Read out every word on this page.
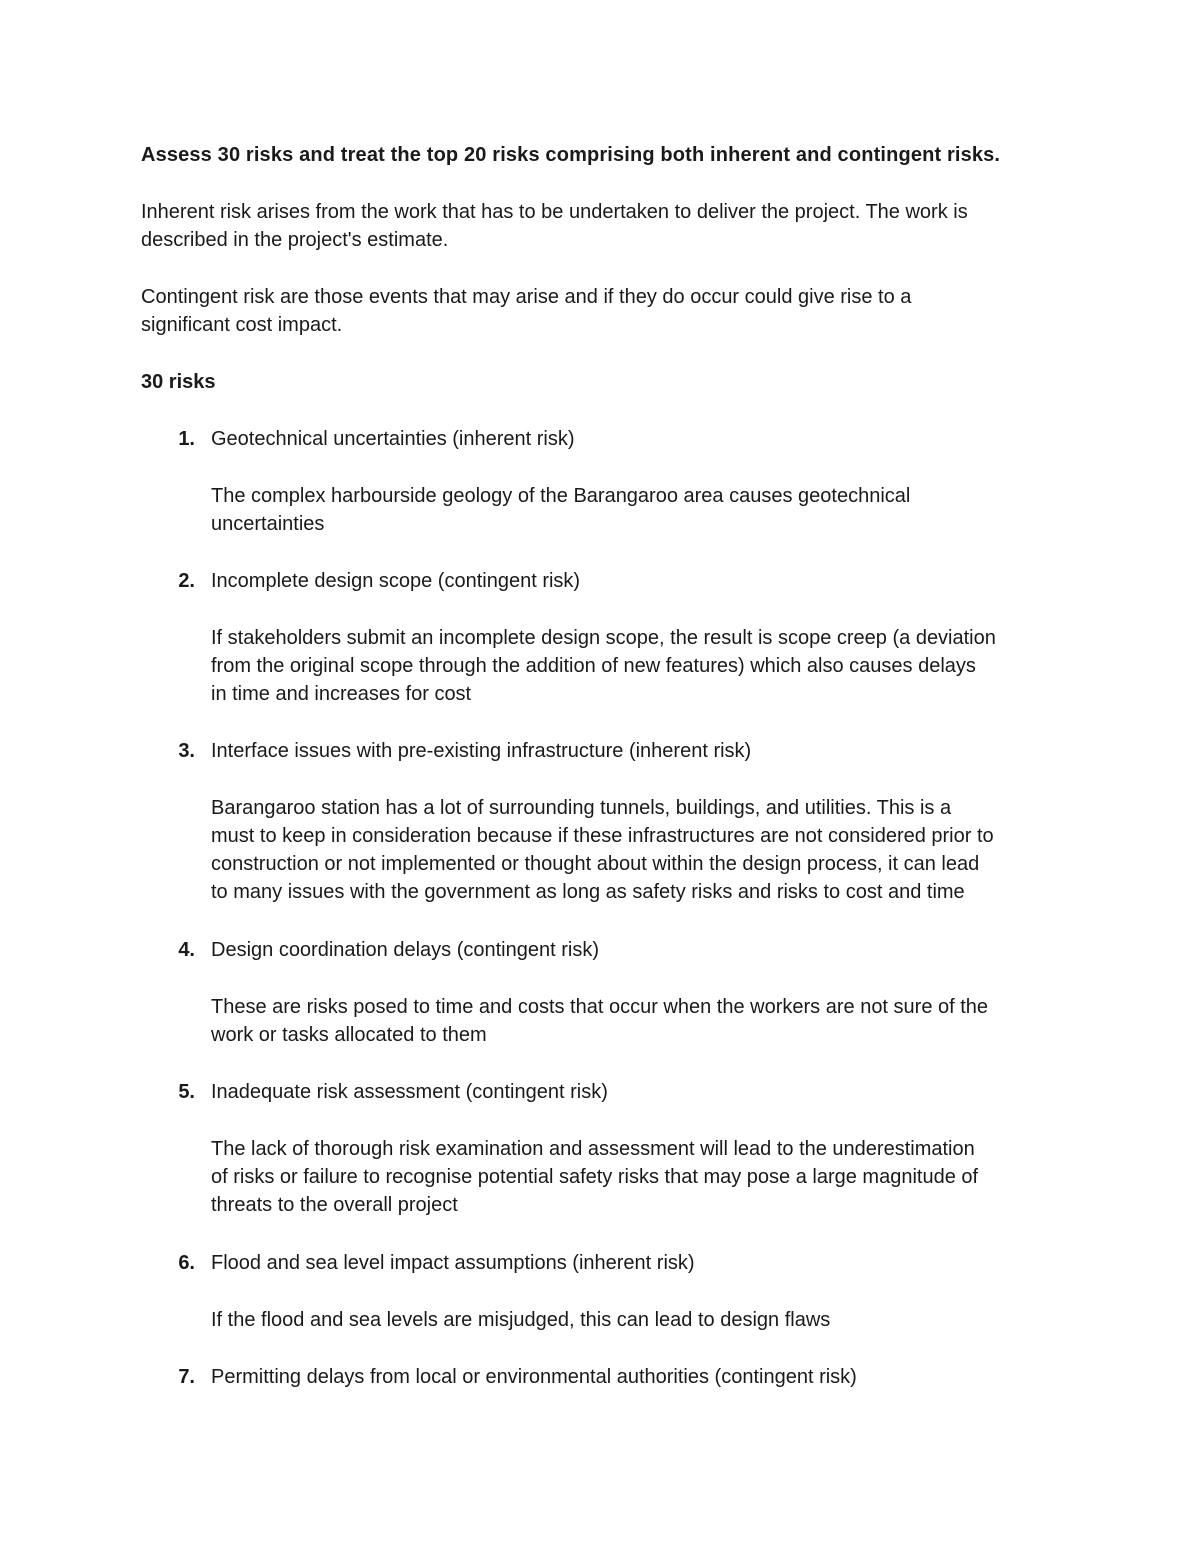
Assess 30 risks and treat the top 20 risks comprising both inherent and contingent risks.
Inherent risk arises from the work that has to be undertaken to deliver the project. The work is
described in the project's estimate.
Contingent risk are those events that may arise and if they do occur could give rise to a
significant cost impact.
30 risks
1. Geotechnical uncertainties (inherent risk)
The complex harbourside geology of the Barangaroo area causes geotechnical
uncertainties
2. Incomplete design scope (contingent risk)
If stakeholders submit an incomplete design scope, the result is scope creep (a deviation
from the original scope through the addition of new features) which also causes delays
in time and increases for cost
3. Interface issues with pre-existing infrastructure (inherent risk)
Barangaroo station has a lot of surrounding tunnels, buildings, and utilities. This is a
must to keep in consideration because if these infrastructures are not considered prior to
construction or not implemented or thought about within the design process, it can lead
to many issues with the government as long as safety risks and risks to cost and time
4. Design coordination delays (contingent risk)
These are risks posed to time and costs that occur when the workers are not sure of the
work or tasks allocated to them
5. Inadequate risk assessment (contingent risk)
The lack of thorough risk examination and assessment will lead to the underestimation
of risks or failure to recognise potential safety risks that may pose a large magnitude of
threats to the overall project
6. Flood and sea level impact assumptions (inherent risk)
If the flood and sea levels are misjudged, this can lead to design flaws
7. Permitting delays from local or environmental authorities (contingent risk)
